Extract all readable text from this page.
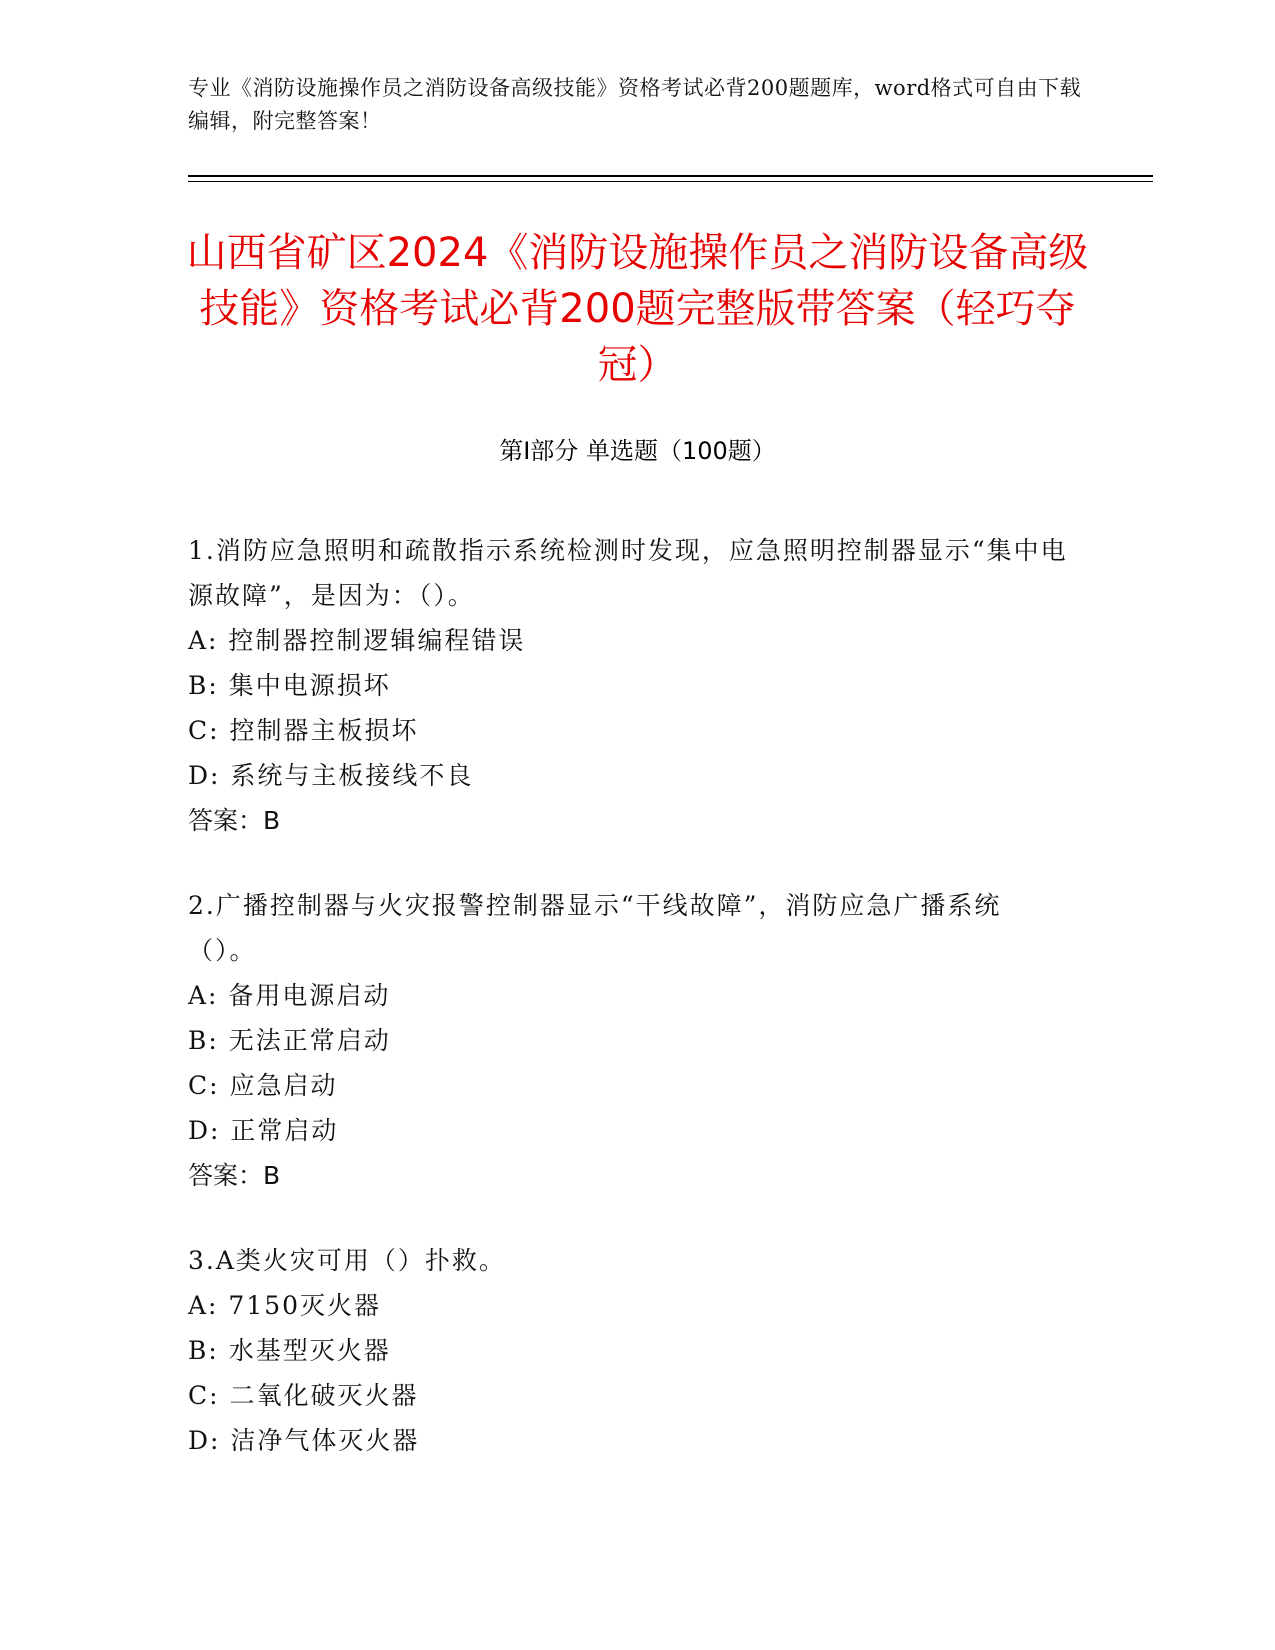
专业《消防设施操作员之消防设备高级技能》资格考试必背200题题库，word格式可自由下载编辑，附完整答案！
山西省矿区2024《消防设施操作员之消防设备高级技能》资格考试必背200题完整版带答案（轻巧夺冠）
第Ⅰ部分 单选题（100题）
1.消防应急照明和疏散指示系统检测时发现，应急照明控制器显示“集中电源故障”，是因为：（）。
A: 控制器控制逻辑编程错误
B: 集中电源损坏
C: 控制器主板损坏
D: 系统与主板接线不良
答案：B
2.广播控制器与火灾报警控制器显示“干线故障”，消防应急广播系统（）。
A: 备用电源启动
B: 无法正常启动
C: 应急启动
D: 正常启动
答案：B
3.A类火灾可用（）扑救。
A: 7150灭火器
B: 水基型灭火器
C: 二氧化破灭火器
D: 洁净气体灭火器
